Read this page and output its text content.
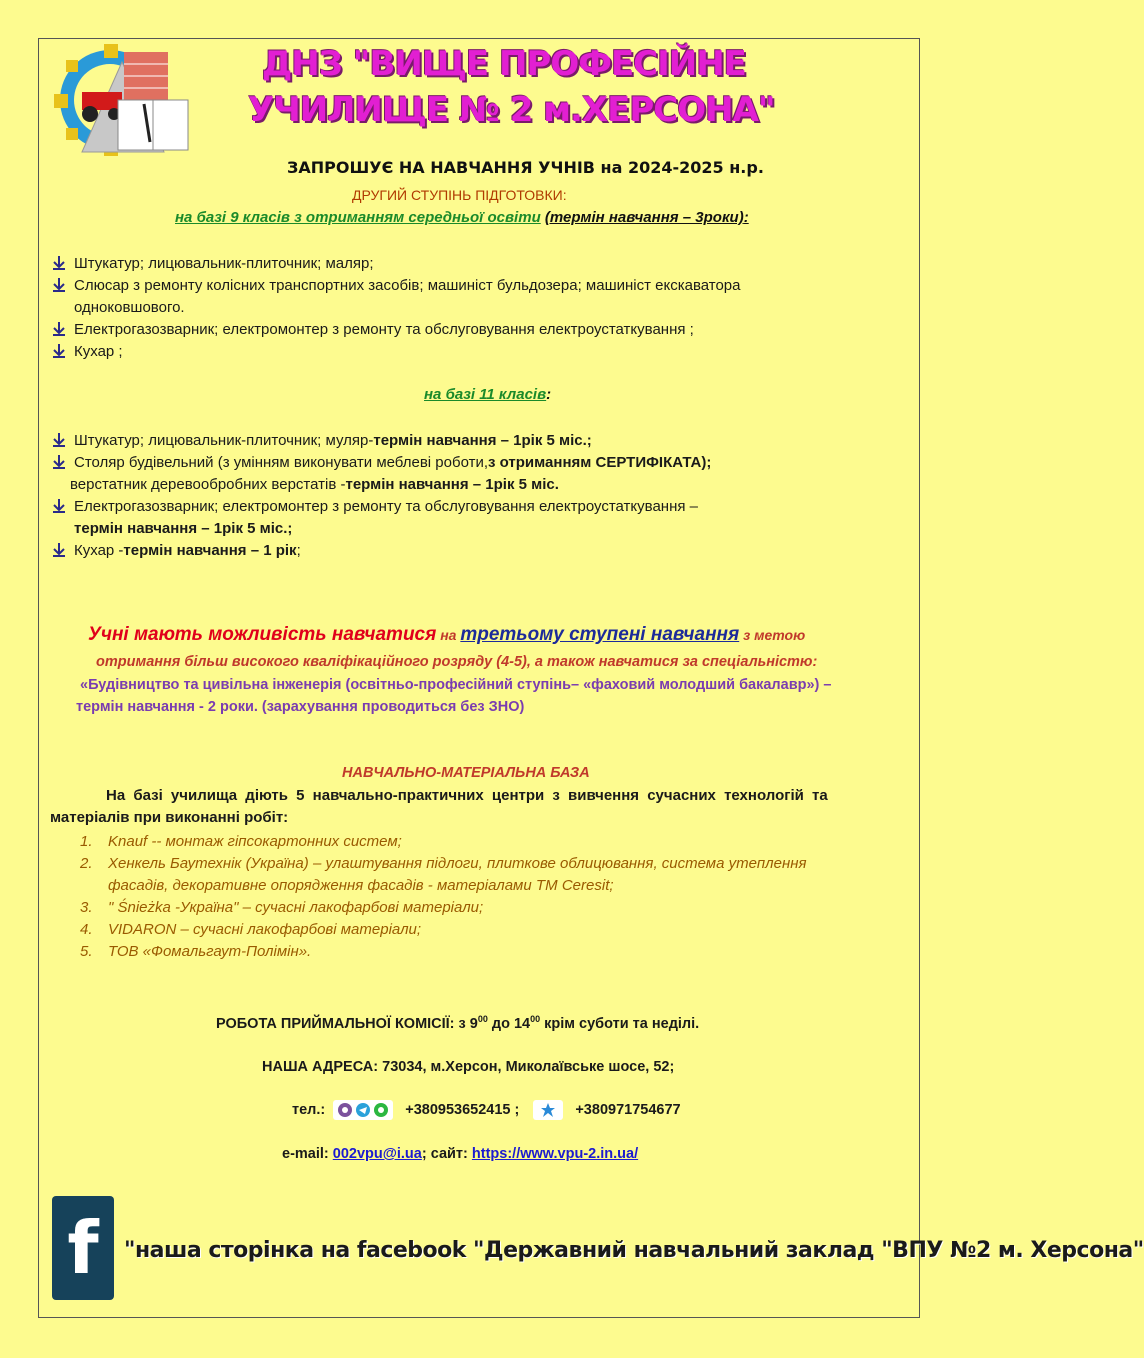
ДНЗ "ВИЩЕ ПРОФЕСІЙНЕ
УЧИЛИЩЕ № 2 м.ХЕРСОНА"
ЗАПРОШУЄ НА НАВЧАННЯ УЧНІВ на 2024-2025 н.р.
ДРУГИЙ СТУПІНЬ ПІДГОТОВКИ:
на базі 9 класів з отриманням середньої освіти (термін навчання – 3роки):
Штукатур; лицювальник-плиточник; маляр;
Слюсар з ремонту колісних транспортних засобів; машиніст бульдозера; машиніст екскаватора
одноковшового.
Електрогазозварник; електромонтер з ремонту та обслуговування електроустаткування ;
Кухар ;
на базі 11 класів:
Штукатур; лицювальник-плиточник; муляр- термін навчання – 1рік 5 міс.;
Столяр будівельний (з умінням виконувати меблеві роботи, з отриманням СЕРТИФІКАТА);
верстатник деревообробних верстатів - термін навчання – 1рік 5 міс.
Електрогазозварник; електромонтер з ремонту та обслуговування електроустаткування –
термін навчання – 1рік 5 міс.;
Кухар - термін навчання – 1 рік ;
Учні мають можливість навчатися на третьому ступені навчання з метою
отримання більш високого кваліфікаційного розряду (4-5), а також навчатися за спеціальністю:
«Будівництво та цивільна інженерія (освітньо-професійний ступінь– «фаховий молодший бакалавр») –
термін навчання - 2 роки. (зарахування проводиться без ЗНО)
НАВЧАЛЬНО-МАТЕРІАЛЬНА БАЗА
На базі училища діють 5 навчально-практичних центри з вивчення сучасних технологій та
матеріалів при виконанні робіт:
1.	Knauf -- монтаж гіпсокартонних систем;
2.	Хенкель Баутехнік (Україна) – улаштування підлоги, плиткове облицювання, система утеплення
фасадів, декоративне опорядження фасадів - матеріалами ТМ Ceresit;
3.	" Śnieżka -Україна" – сучасні лакофарбові матеріали;
4.	VIDARON – сучасні лакофарбові матеріали;
5.	ТОВ «Фомальгаут-Полімін».
РОБОТА ПРИЙМАЛЬНОЇ КОМІСІЇ: з $9^{00}$ до $14^{00}$ крім суботи та неділі.
НАША АДРЕСА: 73034, м.Херсон, Миколаївське шосе, 52;
тел.:	+380953652415 ;	+380971754677
e-mail: 002vpu@i.ua; сайт: https://www.vpu-2.in.ua/
f "наша сторінка на facebook "Державний навчальний заклад "ВПУ №2 м. Херсона"
